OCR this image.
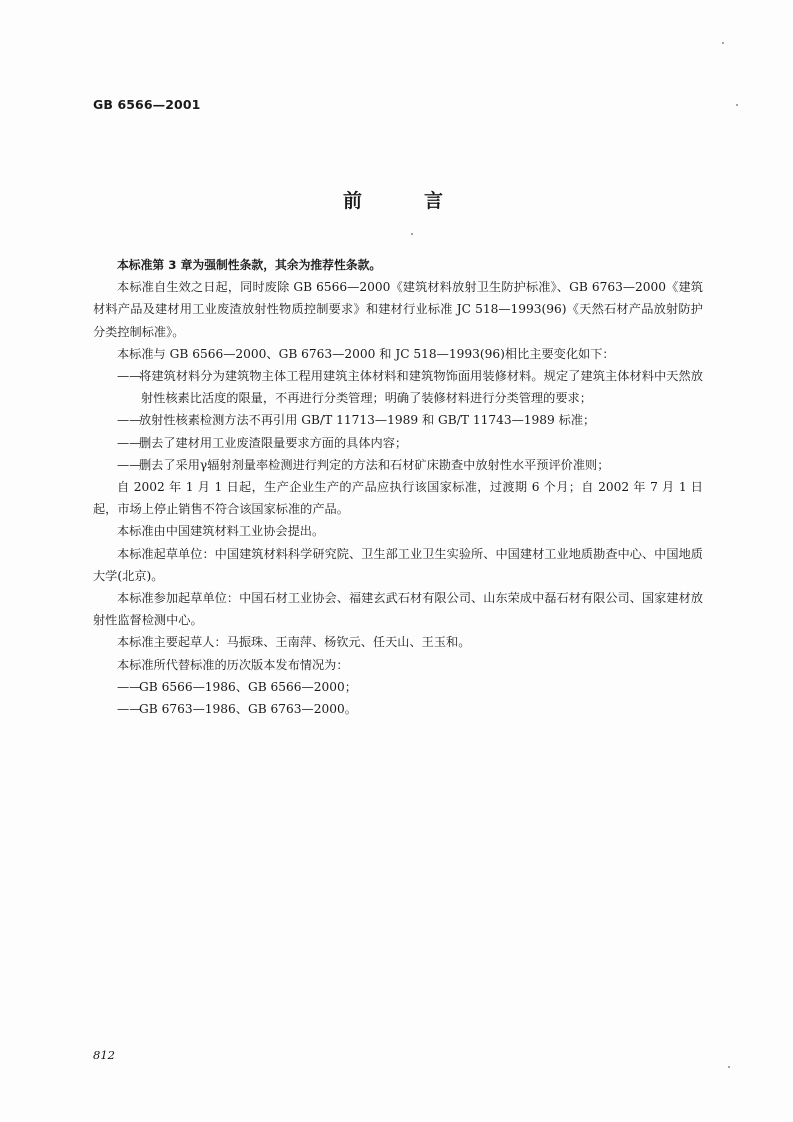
GB 6566—2001
前	言

本标准第 3 章为强制性条款，其余为推荐性条款。

本标准自生效之日起，同时废除 GB 6566—2000《建筑材料放射卫生防护标准》、GB 6763—2000《建筑材料产品及建材用工业废渣放射性物质控制要求》和建材行业标准 JC 518—1993(96)《天然石材产品放射防护分类控制标准》。

本标准与 GB 6566—2000、GB 6763—2000 和 JC 518—1993(96)相比主要变化如下：

——将建筑材料分为建筑物主体工程用建筑主体材料和建筑物饰面用装修材料。规定了建筑主体材料中天然放射性核素比活度的限量，不再进行分类管理；明确了装修材料进行分类管理的要求；

——放射性核素检测方法不再引用 GB/T 11713—1989 和 GB/T 11743—1989 标准；

——删去了建材用工业废渣限量要求方面的具体内容；

——删去了采用γ辐射剂量率检测进行判定的方法和石材矿床勘查中放射性水平预评价准则；

自 2002 年 1 月 1 日起，生产企业生产的产品应执行该国家标准，过渡期 6 个月；自 2002 年 7 月 1 日起，市场上停止销售不符合该国家标准的产品。

本标准由中国建筑材料工业协会提出。

本标准起草单位：中国建筑材料科学研究院、卫生部工业卫生实验所、中国建材工业地质勘查中心、中国地质大学(北京)。

本标准参加起草单位：中国石材工业协会、福建玄武石材有限公司、山东荣成中磊石材有限公司、国家建材放射性监督检测中心。

本标准主要起草人：马振珠、王南萍、杨钦元、任天山、王玉和。

本标准所代替标准的历次版本发布情况为：

——GB 6566—1986、GB 6566—2000；

——GB 6763—1986、GB 6763—2000。

812
